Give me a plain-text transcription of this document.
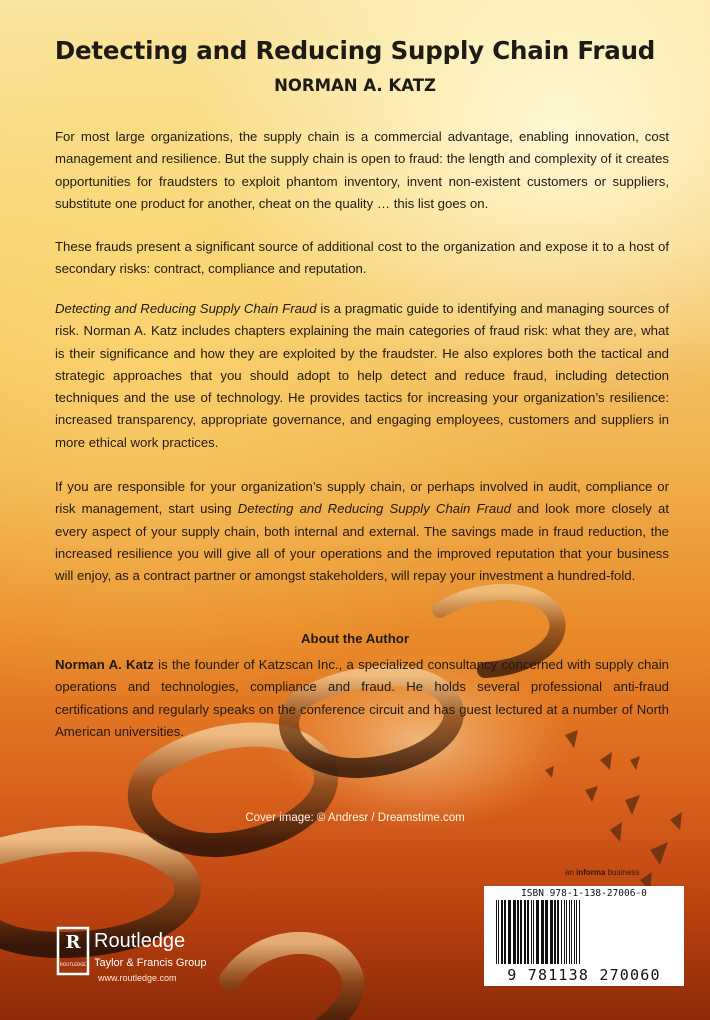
Detecting and Reducing Supply Chain Fraud
NORMAN A. KATZ

For most large organizations, the supply chain is a commercial advantage, enabling innovation, cost management and resilience. But the supply chain is open to fraud: the length and complexity of it creates opportunities for fraudsters to exploit phantom inventory, invent non-existent customers or suppliers, substitute one product for another, cheat on the quality … this list goes on.

These frauds present a significant source of additional cost to the organization and expose it to a host of secondary risks: contract, compliance and reputation.

Detecting and Reducing Supply Chain Fraud is a pragmatic guide to identifying and managing sources of risk. Norman A. Katz includes chapters explaining the main categories of fraud risk: what they are, what is their significance and how they are exploited by the fraudster. He also explores both the tactical and strategic approaches that you should adopt to help detect and reduce fraud, including detection techniques and the use of technology. He provides tactics for increasing your organization’s resilience: increased transparency, appropriate governance, and engaging employees, customers and suppliers in more ethical work practices.

If you are responsible for your organization’s supply chain, or perhaps involved in audit, compliance or risk management, start using Detecting and Reducing Supply Chain Fraud and look more closely at every aspect of your supply chain, both internal and external. The savings made in fraud reduction, the increased resilience you will give all of your operations and the improved reputation that your business will enjoy, as a contract partner or amongst stakeholders, will repay your investment a hundred-fold.

About the Author

Norman A. Katz is the founder of Katzscan Inc., a specialized consultancy concerned with supply chain operations and technologies, compliance and fraud. He holds several professional anti-fraud certifications and regularly speaks on the conference circuit and has guest lectured at a number of North American universities.

Cover image: © Andresr / Dreamstime.com
an informa business
ISBN 978-1-138-27006-0
9 781138 270060
R
ROUTLEDGE
Routledge
Taylor & Francis Group
www.routledge.com
